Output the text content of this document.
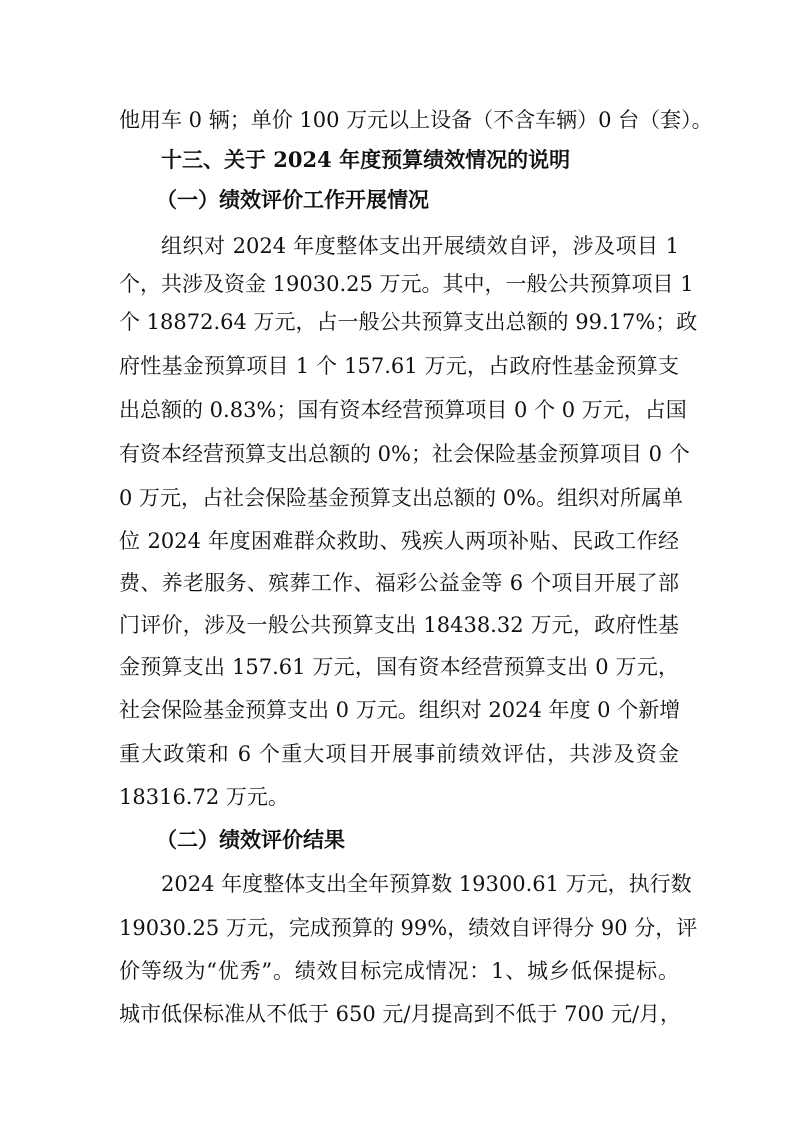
他用车 0 辆；单价 100 万元以上设备（不含车辆）0 台（套）。
十三、关于 2024 年度预算绩效情况的说明
（一）绩效评价工作开展情况
组织对 2024 年度整体支出开展绩效自评，涉及项目 1
个，共涉及资金 19030.25 万元。其中，一般公共预算项目 1
个 18872.64 万元，占一般公共预算支出总额的 99.17%；政
府性基金预算项目 1 个 157.61 万元，占政府性基金预算支
出总额的 0.83%；国有资本经营预算项目 0 个 0 万元，占国
有资本经营预算支出总额的 0%；社会保险基金预算项目 0 个
0 万元，占社会保险基金预算支出总额的 0%。组织对所属单
位 2024 年度困难群众救助、残疾人两项补贴、民政工作经
费、养老服务、殡葬工作、福彩公益金等 6 个项目开展了部
门评价，涉及一般公共预算支出 18438.32 万元，政府性基
金预算支出 157.61 万元，国有资本经营预算支出 0 万元，
社会保险基金预算支出 0 万元。组织对 2024 年度 0 个新增
重大政策和 6 个重大项目开展事前绩效评估，共涉及资金
18316.72 万元。
（二）绩效评价结果
2024 年度整体支出全年预算数 19300.61 万元，执行数
19030.25 万元，完成预算的 99%，绩效自评得分 90 分，评
价等级为“优秀”。绩效目标完成情况：1、城乡低保提标。
城市低保标准从不低于 650 元/月提高到不低于 700 元/月，
